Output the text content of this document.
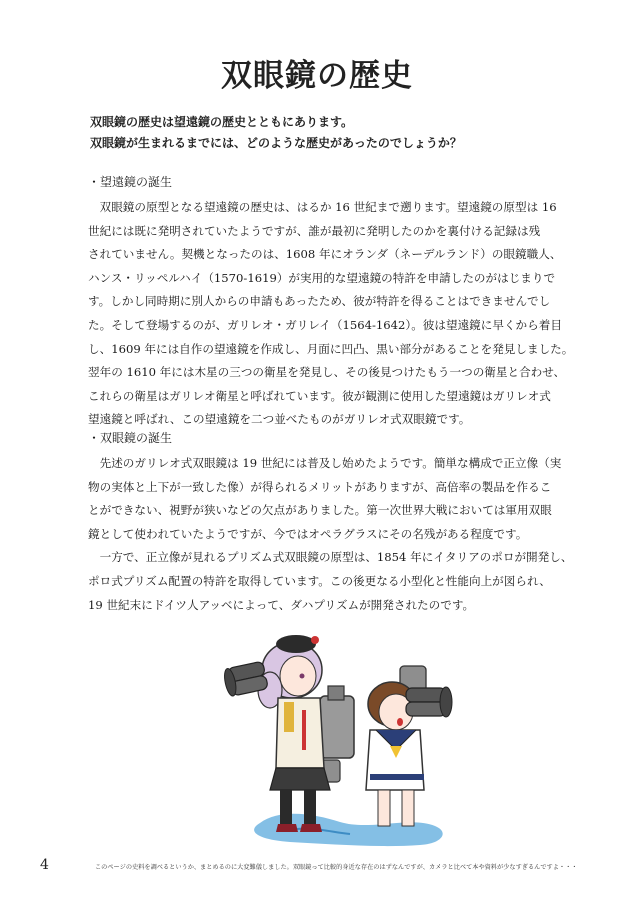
双眼鏡の歴史

双眼鏡の歴史は望遠鏡の歴史とともにあります。

双眼鏡が生まれるまでには、どのような歴史があったのでしょうか？

・望遠鏡の誕生

　双眼鏡の原型となる望遠鏡の歴史は、はるか 16 世紀まで遡ります。望遠鏡の原型は 16
世紀には既に発明されていたようですが、誰が最初に発明したのかを裏付ける記録は残
されていません。契機となったのは、1608 年にオランダ（ネーデルランド）の眼鏡職人、
ハンス・リッペルハイ（1570-1619）が実用的な望遠鏡の特許を申請したのがはじまりで
す。しかし同時期に別人からの申請もあったため、彼が特許を得ることはできませんでし
た。そして登場するのが、ガリレオ・ガリレイ（1564-1642）。彼は望遠鏡に早くから着目
し、1609 年には自作の望遠鏡を作成し、月面に凹凸、黒い部分があることを発見しました。
翌年の 1610 年には木星の三つの衛星を発見し、その後見つけたもう一つの衛星と合わせ、
これらの衛星はガリレオ衛星と呼ばれています。彼が観測に使用した望遠鏡はガリレオ式
望遠鏡と呼ばれ、この望遠鏡を二つ並べたものがガリレオ式双眼鏡です。

・双眼鏡の誕生

　先述のガリレオ式双眼鏡は 19 世紀には普及し始めたようです。簡単な構成で正立像（実
物の実体と上下が一致した像）が得られるメリットがありますが、高倍率の製品を作るこ
とができない、視野が狭いなどの欠点がありました。第一次世界大戦においては軍用双眼
鏡として使われていたようですが、今ではオペラグラスにその名残がある程度です。
　一方で、正立像が見れるプリズム式双眼鏡の原型は、1854 年にイタリアのポロが開発し、
ポロ式プリズム配置の特許を取得しています。この後更なる小型化と性能向上が図られ、
19 世紀末にドイツ人アッベによって、ダハプリズムが開発されたのです。

4	このページの史料を調べるというか、まとめるのに大変難儀しました。双眼鏡って比較的身近な存在のはずなんですが、カメラと比べて本や資料が少なすぎるんですよ・・・
